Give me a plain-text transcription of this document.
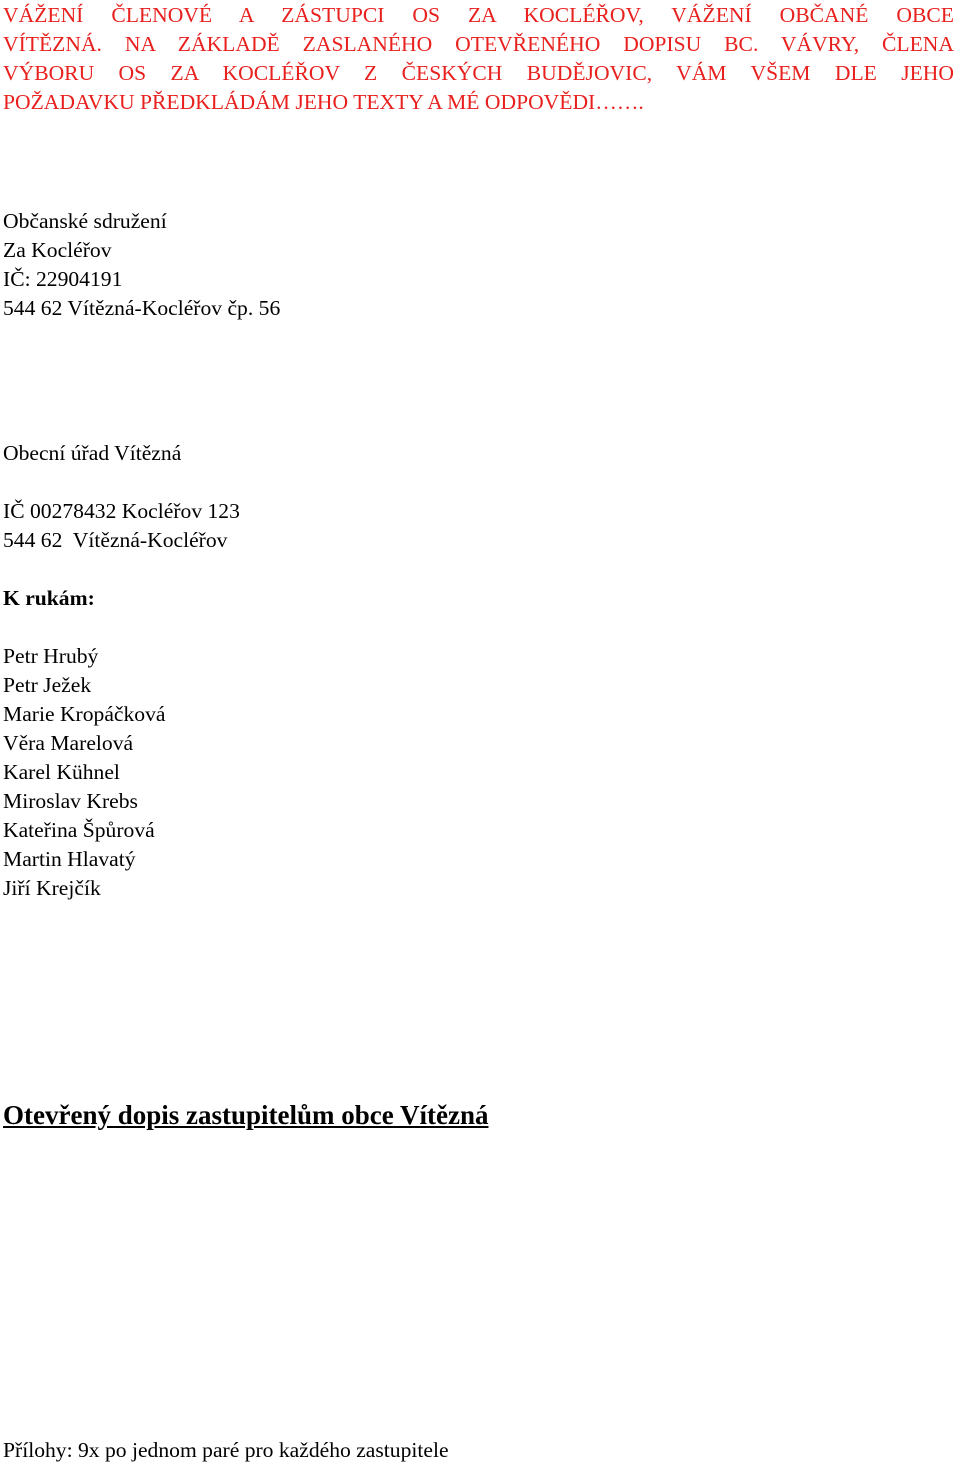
VÁŽENÍ ČLENOVÉ A ZÁSTUPCI OS ZA KOCLÉŘOV, VÁŽENÍ OBČANÉ OBCE
VÍTĚZNÁ. NA ZÁKLADĚ ZASLANÉHO OTEVŘENÉHO DOPISU BC. VÁVRY, ČLENA
VÝBORU OS ZA KOCLÉŘOV Z ČESKÝCH BUDĚJOVIC, VÁM VŠEM DLE JEHO
POŽADAVKU PŘEDKLÁDÁM JEHO TEXTY A MÉ ODPOVĚDI…….
Občanské sdružení
Za Kocléřov
IČ: 22904191
544 62 Vítězná-Kocléřov čp. 56
Obecní úřad Vítězná
IČ 00278432 Kocléřov 123
544 62  Vítězná-Kocléřov
K rukám:
Petr Hrubý
Petr Ježek
Marie Kropáčková
Věra Marelová
Karel Kühnel
Miroslav Krebs
Kateřina Špůrová
Martin Hlavatý
Jiří Krejčík
Otevřený dopis zastupitelům obce Vítězná
Přílohy: 9x po jednom paré pro každého zastupitele
